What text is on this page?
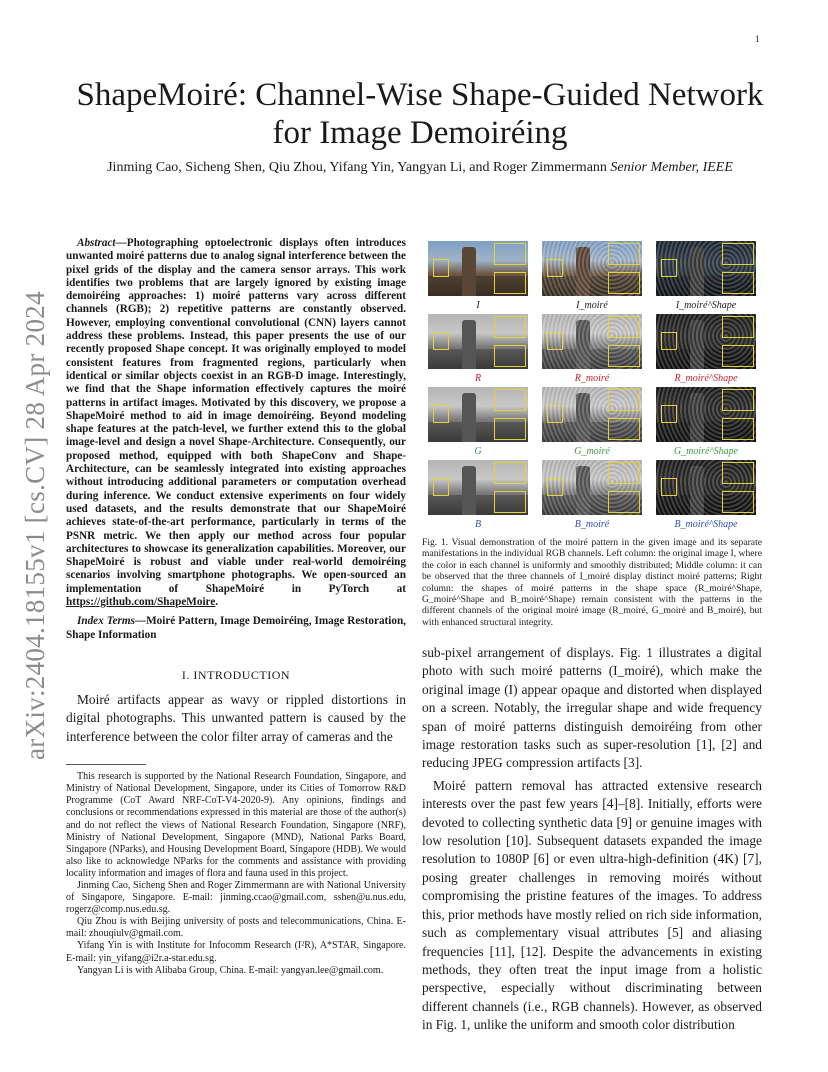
1
arXiv:2404.18155v1 [cs.CV] 28 Apr 2024
ShapeMoiré: Channel-Wise Shape-Guided Network
for Image Demoiréing
Jinming Cao, Sicheng Shen, Qiu Zhou, Yifang Yin, Yangyan Li, and Roger Zimmermann Senior Member, IEEE

Abstract—Photographing optoelectronic displays often introduces unwanted moiré patterns due to analog signal interference between the pixel grids of the display and the camera sensor arrays. This work identifies two problems that are largely ignored by existing image demoiréing approaches: 1) moiré patterns vary across different channels (RGB); 2) repetitive patterns are constantly observed. However, employing conventional convolutional (CNN) layers cannot address these problems. Instead, this paper presents the use of our recently proposed Shape concept. It was originally employed to model consistent features from fragmented regions, particularly when identical or similar objects coexist in an RGB-D image. Interestingly, we find that the Shape information effectively captures the moiré patterns in artifact images. Motivated by this discovery, we propose a ShapeMoiré method to aid in image demoiréing. Beyond modeling shape features at the patch-level, we further extend this to the global image-level and design a novel Shape-Architecture. Consequently, our proposed method, equipped with both ShapeConv and Shape-Architecture, can be seamlessly integrated into existing approaches without introducing additional parameters or computation overhead during inference. We conduct extensive experiments on four widely used datasets, and the results demonstrate that our ShapeMoiré achieves state-of-the-art performance, particularly in terms of the PSNR metric. We then apply our method across four popular architectures to showcase its generalization capabilities. Moreover, our ShapeMoiré is robust and viable under real-world demoiréing scenarios involving smartphone photographs. We open-sourced an implementation of ShapeMoiré in PyTorch at https://github.com/ShapeMoire.

Index Terms—Moiré Pattern, Image Demoiréing, Image Restoration, Shape Information

I. INTRODUCTION

Moiré artifacts appear as wavy or rippled distortions in digital photographs. This unwanted pattern is caused by the interference between the color filter array of cameras and the

This research is supported by the National Research Foundation, Singapore, and Ministry of National Development, Singapore, under its Cities of Tomorrow R&D Programme (CoT Award NRF-CoT-V4-2020-9). Any opinions, findings and conclusions or recommendations expressed in this material are those of the author(s) and do not reflect the views of National Research Foundation, Singapore (NRF), Ministry of National Development, Singapore (MND), National Parks Board, Singapore (NParks), and Housing Development Board, Singapore (HDB). We would also like to acknowledge NParks for the comments and assistance with providing locality information and images of flora and fauna used in this project.

Jinming Cao, Sicheng Shen and Roger Zimmermann are with National University of Singapore, Singapore. E-mail: jinming.ccao@gmail.com, sshen@u.nus.edu, rogerz@comp.nus.edu.sg.

Qiu Zhou is with Beijing university of posts and telecommunications, China. E-mail: zhouqiulv@gmail.com.

Yifang Yin is with Institute for Infocomm Research (I²R), A*STAR, Singapore. E-mail: yin_yifang@i2r.a-star.edu.sg.

Yangyan Li is with Alibaba Group, China. E-mail: yangyan.lee@gmail.com.

I	I_moiré	I_moiré^Shape
R	R_moiré	R_moiré^Shape
G	G_moiré	G_moiré^Shape
B	B_moiré	B_moiré^Shape

Fig. 1. Visual demonstration of the moiré pattern in the given image and its separate manifestations in the individual RGB channels. Left column: the original image I, where the color in each channel is uniformly and smoothly distributed; Middle column: it can be observed that the three channels of I_moiré display distinct moiré patterns; Right column: the shapes of moiré patterns in the shape space (R_moiré^Shape, G_moiré^Shape and B_moiré^Shape) remain consistent with the patterns in the different channels of the original moiré image (R_moiré, G_moiré and B_moiré), but with enhanced structural integrity.

sub-pixel arrangement of displays. Fig. 1 illustrates a digital photo with such moiré patterns (I_moiré), which make the original image (I) appear opaque and distorted when displayed on a screen. Notably, the irregular shape and wide frequency span of moiré patterns distinguish demoiréing from other image restoration tasks such as super-resolution [1], [2] and reducing JPEG compression artifacts [3].

Moiré pattern removal has attracted extensive research interests over the past few years [4]–[8]. Initially, efforts were devoted to collecting synthetic data [9] or genuine images with low resolution [10]. Subsequent datasets expanded the image resolution to 1080P [6] or even ultra-high-definition (4K) [7], posing greater challenges in removing moirés without compromising the pristine features of the images. To address this, prior methods have mostly relied on rich side information, such as complementary visual attributes [5] and aliasing frequencies [11], [12]. Despite the advancements in existing methods, they often treat the input image from a holistic perspective, especially without discriminating between different channels (i.e., RGB channels). However, as observed in Fig. 1, unlike the uniform and smooth color distribution
